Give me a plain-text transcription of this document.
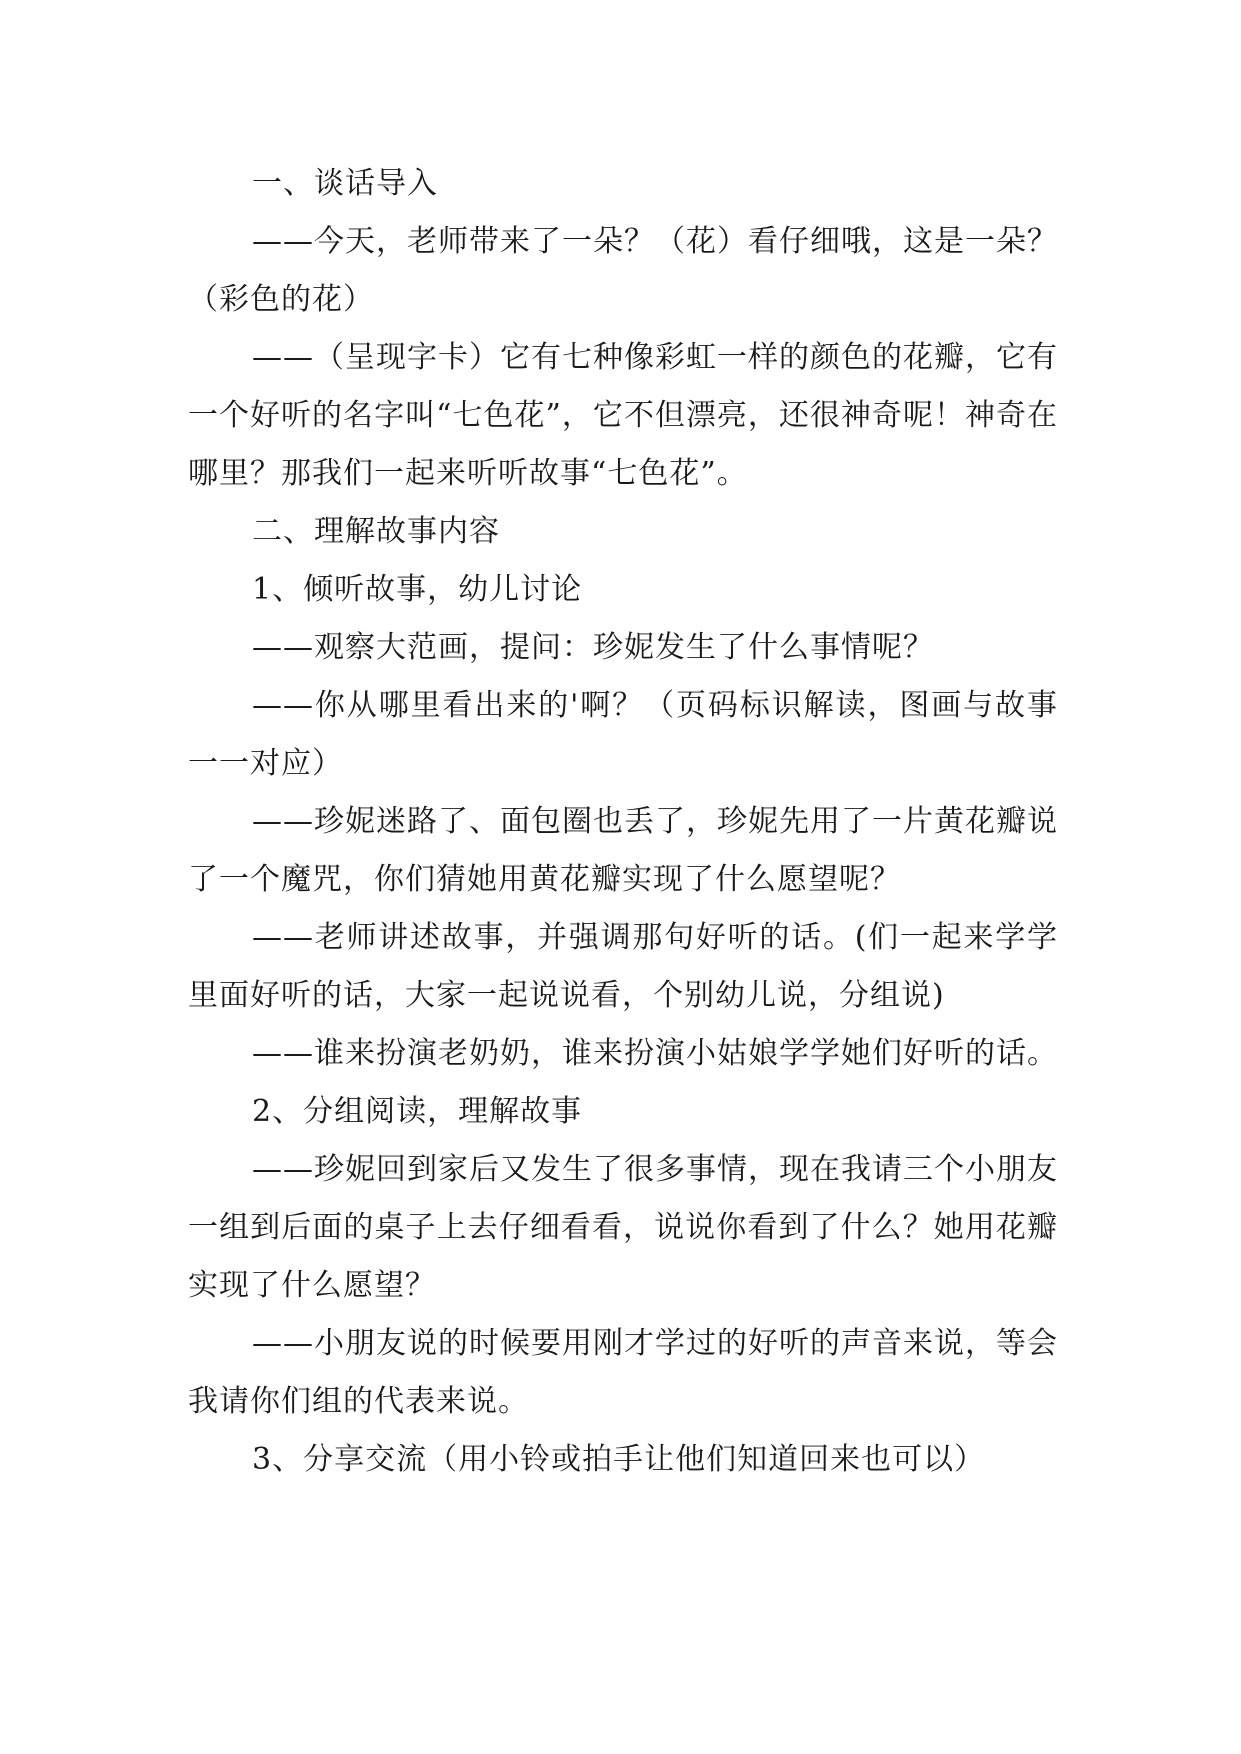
一、谈话导入

——今天，老师带来了一朵？（花）看仔细哦，这是一朵？（彩色的花）

——（呈现字卡）它有七种像彩虹一样的颜色的花瓣，它有一个好听的名字叫“七色花”，它不但漂亮，还很神奇呢！神奇在哪里？那我们一起来听听故事“七色花”。

二、理解故事内容

1、倾听故事，幼儿讨论

——观察大范画，提问：珍妮发生了什么事情呢？

——你从哪里看出来的'啊？（页码标识解读，图画与故事一一对应）

——珍妮迷路了、面包圈也丢了，珍妮先用了一片黄花瓣说了一个魔咒，你们猜她用黄花瓣实现了什么愿望呢？

——老师讲述故事，并强调那句好听的话。(们一起来学学里面好听的话，大家一起说说看，个别幼儿说，分组说)

——谁来扮演老奶奶，谁来扮演小姑娘学学她们好听的话。

2、分组阅读，理解故事

——珍妮回到家后又发生了很多事情，现在我请三个小朋友一组到后面的桌子上去仔细看看，说说你看到了什么？她用花瓣实现了什么愿望？

——小朋友说的时候要用刚才学过的好听的声音来说，等会我请你们组的代表来说。

3、分享交流（用小铃或拍手让他们知道回来也可以）
